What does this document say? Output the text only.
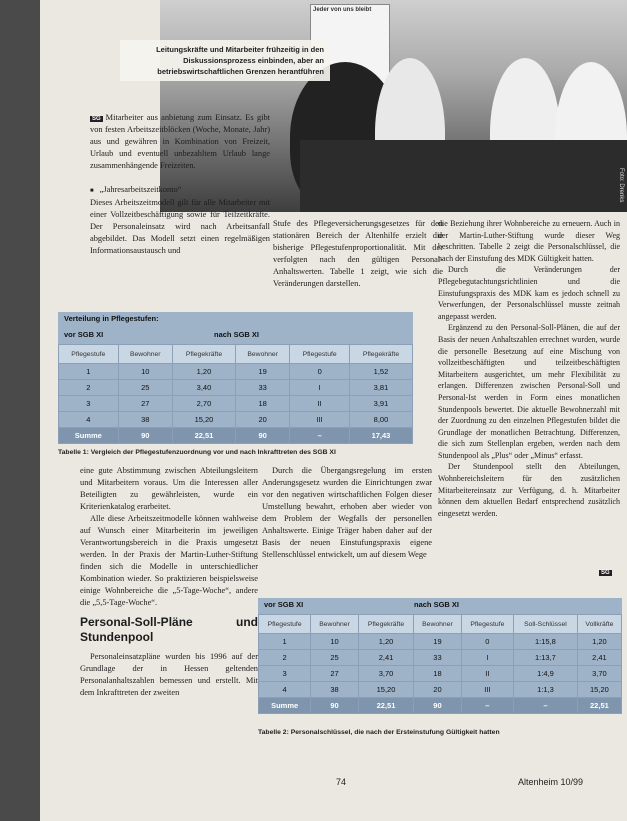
Jeder von uns bleibt
Foto: Drenks
Leitungskräfte und Mitarbeiter frühzeitig in den Diskussionsprozess einbinden, aber an betriebswirtschaftlichen Grenzen herantführen

SG Mitarbeiter aus anbietung zum Einsatz. Es gibt von festen Arbeitszeitblöcken (Woche, Monate, Jahr) aus und gewähren in Kombination von Freizeit, Urlaub und eventuell unbezahltem Urlaub lange zusammenhängende Freizeiten.

■ „Jahresarbeitszeitkonto“

Dieses Arbeitszeitmodell gilt für alle Mitarbeiter mit einer Vollzeitbeschäftigung sowie für Teilzeitkräfte. Der Personaleinsatz wird nach Arbeitsanfall abgebildet. Das Modell setzt einen regelmäßigen Informationsaustausch und

Stufe des Pflegeversicherungsgesetzes für den stationären Bereich der Altenhilfe erzielt die bisherige Pflegestufenproportionalität. Mit der verfolgten nach den gültigen Personal-Anhaltswerten. Tabelle 1 zeigt, wie sich die Veränderungen darstellen.

die Beziehung ihrer Wohnbereiche zu erneuern. Auch in der Martin-Luther-Stiftung wurde dieser Weg beschritten. Tabelle 2 zeigt die Personalschlüssel, die nach der Einstufung des MDK Gültigkeit hatten.

Durch die Veränderungen der Pflegebegutachtungsrichtlinien und die Einstufungspraxis des MDK kam es jedoch schnell zu Verwerfungen, der Personalschlüssel musste zeitnah angepasst werden.

Ergänzend zu den Personal-Soll-Plänen, die auf der Basis der neuen Anhaltszahlen errechnet wurden, wurde die personelle Besetzung auf eine Mischung von vollzeitbeschäftigten und teilzeitbeschäftigten Mitarbeitern ausgerichtet, um mehr Flexibilität zu erlangen. Differenzen zwischen Personal-Soll und Personal-Ist werden in Form eines monatlichen Stundenpools bewertet. Die aktuelle Bewohnerzahl mit der Zuordnung zu den einzelnen Pflegestufen bildet die Grundlage der monatlichen Betrachtung. Differenzen, die sich zum Stellenplan ergeben, werden nach dem Stundenpool als „Plus“ oder „Minus“ erfasst.

Der Stundenpool stellt den Abteilungen, Wohnbereichsleitern für den zusätzlichen Mitarbeitereinsatz zur Verfügung, d. h. Mitarbeiter können dem aktuellen Bedarf entsprechend zusätzlich eingesetzt werden.

Verteilung in Pflegestufen:
vor SGB XI	nach SGB XI
Pflegestufe	Bewohner	Pflegekräfte	Bewohner	Pflegestufe	Pflegekräfte
1	10	1,20	19	0	1,52
2	25	3,40	33	I	3,81
3	27	2,70	18	II	3,91
4	38	15,20	20	III	8,00
Summe	90	22,51	90	–	17,43
Tabelle 1: Vergleich der Pflegestufenzuordnung vor und nach Inkrafttreten des SGB XI

eine gute Abstimmung zwischen Abteilungsleitern und Mitarbeitern voraus. Um die Interessen aller Beteiligten zu gewährleisten, wurde ein Kriterienkatalog erarbeitet.

Alle diese Arbeitszeitmodelle können wahlweise auf Wunsch einer Mitarbeiterin im jeweiligen Verantwortungsbereich in die Praxis umgesetzt werden. In der Praxis der Martin-Luther-Stiftung finden sich die Modelle in unterschiedlicher Kombination wieder. So praktizieren beispielsweise einige Wohnbereiche die „5-Tage-Woche“, andere die „5,5-Tage-Woche“.

Personal-Soll-Pläne und Stundenpool

Personaleinsatzpläne wurden bis 1996 auf der Grundlage der in Hessen geltenden Personalanhaltszahlen bemessen und erstellt. Mit dem Inkrafttreten der zweiten

Durch die Übergangsregelung im ersten Anderungsgesetz wurden die Einrichtungen zwar vor den negativen wirtschaftlichen Folgen dieser Umstellung bewahrt, erhoben aber wieder von dem Problem der Wegfalls der personellen Anhaltswerte. Einige Träger haben daher auf der Basis der neuen Einstufungspraxis eigene Stellenschlüssel entwickelt, um auf diesem Wege

SG
vor SGB XI	nach SGB XI
Pflegestufe	Bewohner	Pflegekräfte	Bewohner	Pflegestufe	Soll-Schlüssel	Vollkräfte
1	10	1,20	19	0	1:15,8	1,20
2	25	2,41	33	I	1:13,7	2,41
3	27	3,70	18	II	1:4,9	3,70
4	38	15,20	20	III	1:1,3	15,20
Summe	90	22,51	90	–	–	22,51
Tabelle 2: Personalschlüssel, die nach der Ersteinstufung Gültigkeit hatten
74	Altenheim 10/99
